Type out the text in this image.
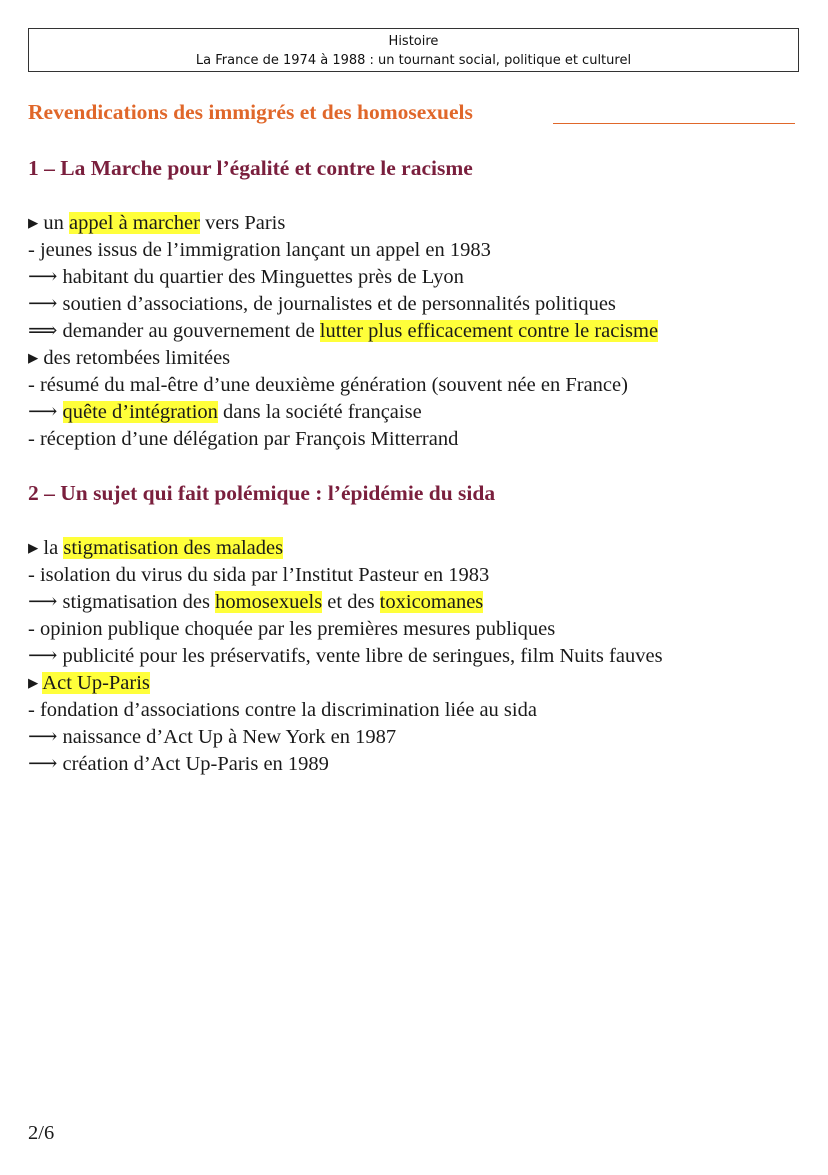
Histoire
La France de 1974 à 1988 : un tournant social, politique et culturel
Revendications des immigrés et des homosexuels
1 – La Marche pour l’égalité et contre le racisme
▸ un appel à marcher vers Paris
- jeunes issus de l’immigration lançant un appel en 1983
⟶ habitant du quartier des Minguettes près de Lyon
⟶ soutien d’associations, de journalistes et de personnalités politiques
⟹ demander au gouvernement de lutter plus efficacement contre le racisme
▸ des retombées limitées
- résumé du mal-être d’une deuxième génération (souvent née en France)
⟶ quête d’intégration dans la société française
- réception d’une délégation par François Mitterrand
2 – Un sujet qui fait polémique : l’épidémie du sida
▸ la stigmatisation des malades
- isolation du virus du sida par l’Institut Pasteur en 1983
⟶ stigmatisation des homosexuels et des toxicomanes
- opinion publique choquée par les premières mesures publiques
⟶ publicité pour les préservatifs, vente libre de seringues, film Nuits fauves
▸ Act Up-Paris
- fondation d’associations contre la discrimination liée au sida
⟶ naissance d’Act Up à New York en 1987
⟶ création d’Act Up-Paris en 1989
2/6
